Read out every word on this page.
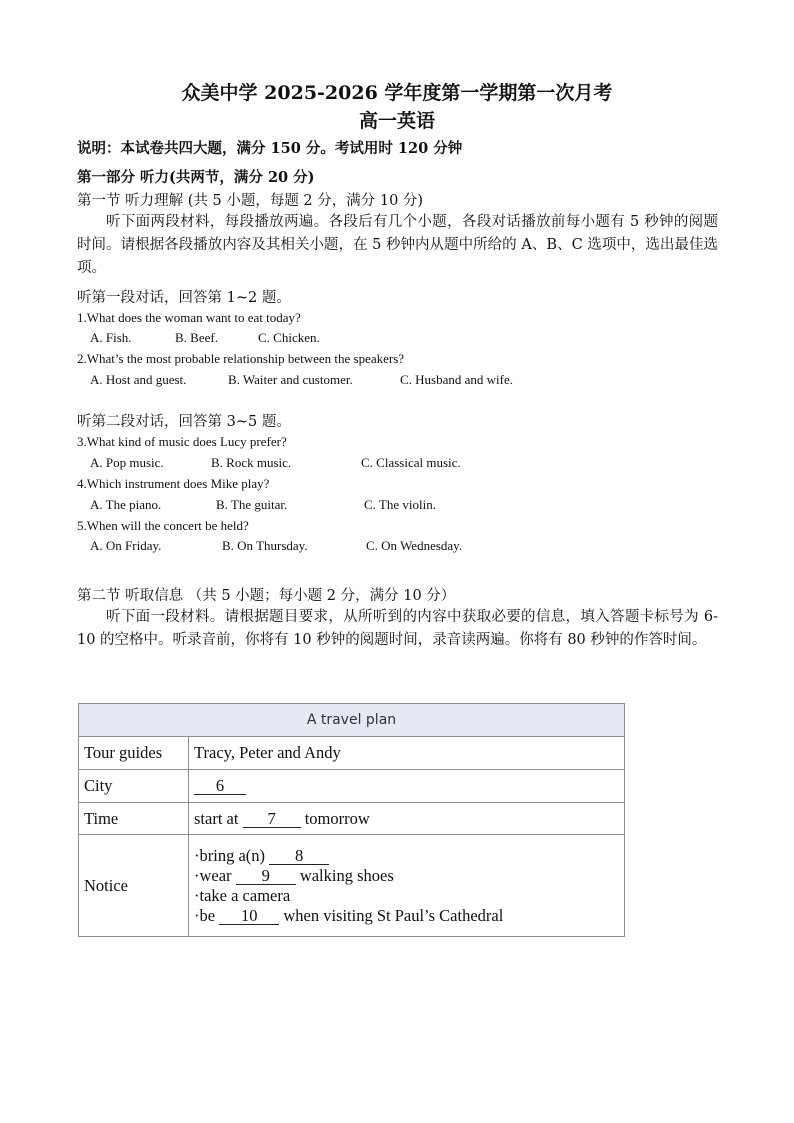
众美中学 2025-2026 学年度第一学期第一次月考
高一英语
说明：本试卷共四大题，满分 150 分。考试用时 120 分钟
第一部分 听力(共两节，满分 20 分)
第一节 听力理解 (共 5 小题，每题 2 分，满分 10 分)
听下面两段材料，每段播放两遍。各段后有几个小题，各段对话播放前每小题有 5 秒钟的阅题时间。请根据各段播放内容及其相关小题，在 5 秒钟内从题中所给的 A、B、C 选项中，选出最佳选项。
听第一段对话，回答第 1~2 题。
1.What does the woman want to eat today?
A. Fish.	B. Beef.	C. Chicken.
2.What’s the most probable relationship between the speakers?
A. Host and guest.	B. Waiter and customer.	C. Husband and wife.
听第二段对话，回答第 3~5 题。
3.What kind of music does Lucy prefer?
A. Pop music.	B. Rock music.	C. Classical music.
4.Which instrument does Mike play?
A. The piano.	B. The guitar.	C. The violin.
5.When will the concert be held?
A. On Friday.	B. On Thursday.	C. On Wednesday.
第二节 听取信息 （共 5 小题；每小题 2 分，满分 10 分）
听下面一段材料。请根据题目要求，从所听到的内容中获取必要的信息，填入答题卡标号为 6-10 的空格中。听录音前，你将有 10 秒钟的阅题时间，录音读两遍。你将有 80 秒钟的作答时间。
A travel plan	
Tour guides	Tracy, Peter and Andy
City	6
Time	start at 7 tomorrow
Notice	·bring a(n) 8
·wear 9 walking shoes
·take a camera
·be 10 when visiting St Paul’s Cathedral
